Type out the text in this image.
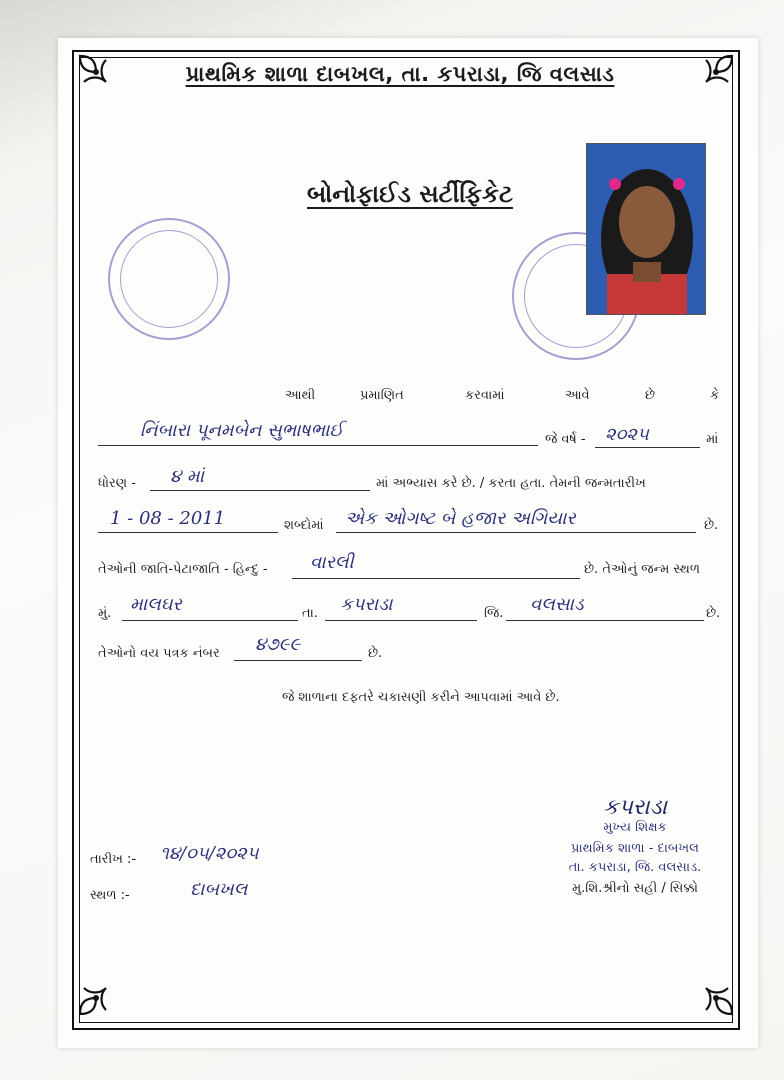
પ્રાથમિક શાળા દાબખલ, તા. કપરાડા, જિ વલસાડ
બોનોફાઈડ સર્ટીફિકેટ
આથી	પ્રમાણિત	કરવામાં	આવે	છે	કે
નિંબારા પૂનમબેન સુભાષભાઈ	જે વર્ષ - ૨૦૨૫	માં
ધોરણ - ૪ માં	માં અભ્યાસ કરે છે. / કરતા હતા. તેમની જન્મતારીખ
1 - 08 - 2011	શબ્દોમાં એક ઓગષ્ટ બે હજાર અગિયાર	છે.
તેઓની જાતિ-પેટાજાતિ - હિન્દુ - વારલી	છે. તેઓનું જન્મ સ્થળ
મું. માલઘર	તા. કપરાડા	જિ. વલસાડ	છે.
તેઓનો વય પત્રક નંબર ૪૭૯૯	છે.
જે શાળાના દફતરે ચકાસણી કરીને આપવામાં આવે છે.
કપરાડા
મુખ્ય શિક્ષક
પ્રાથમિક શાળા - દાબખલ
તા. કપરાડા, જિ. વલસાડ.
મુ.શિ.શ્રીનો સહી / સિક્કો
તારીખ :- ૧૪/૦૫/૨૦૨૫
સ્થળ :-	દાબખલ
